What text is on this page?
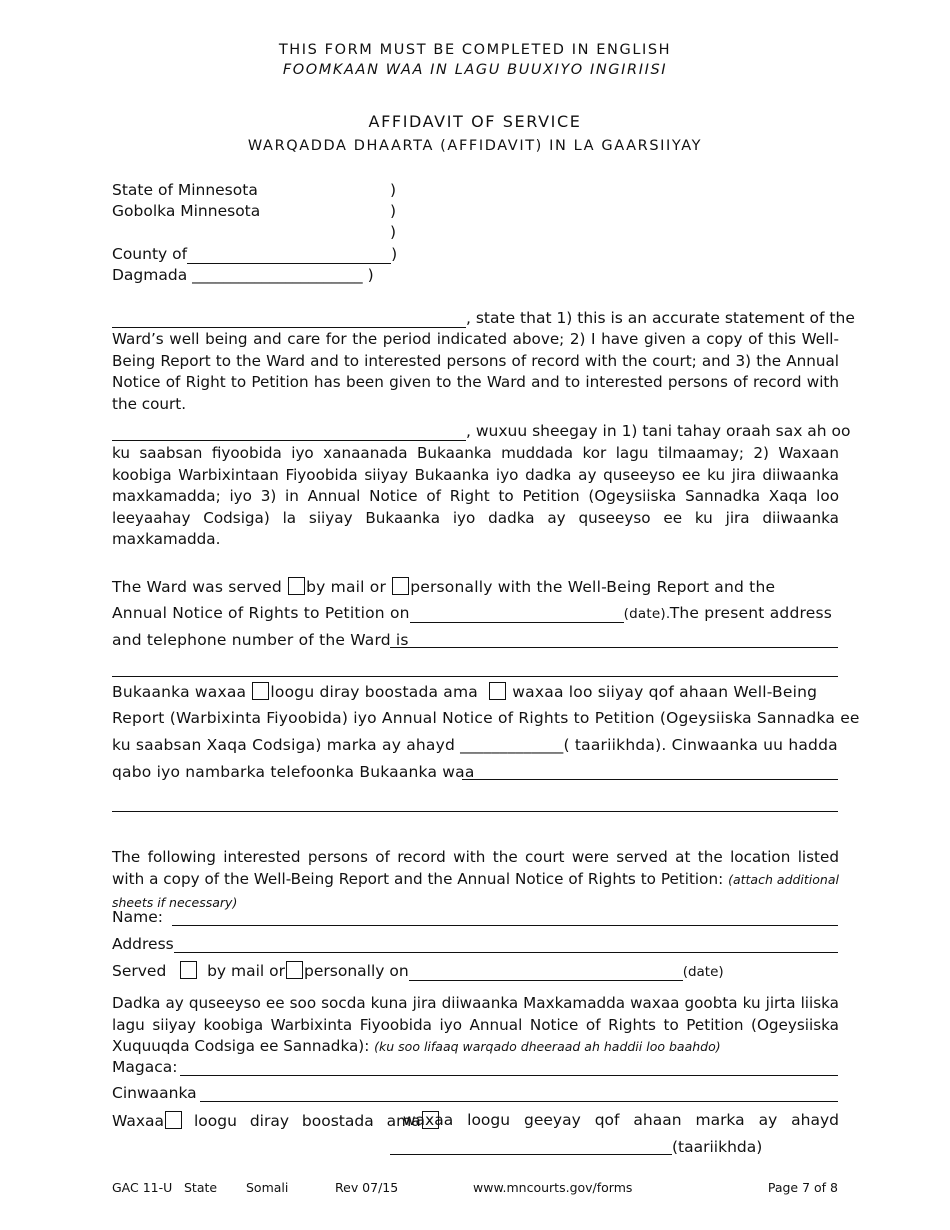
THIS FORM MUST BE COMPLETED IN ENGLISH
FOOMKAAN WAA IN LAGU BUUXIYO INGIRIISI
AFFIDAVIT OF SERVICE
WARQADDA DHAARTA (AFFIDAVIT) IN LA GAARSIIYAY
State of Minnesota	)
Gobolka Minnesota	)
)
County of	)
Dagmada ______________________ )

, state that 1) this is an accurate statement of the
Ward’s well being and care for the period indicated above; 2) I have given a copy of this Well-Being Report to the Ward and to interested persons of record with the court; and 3) the Annual Notice of Right to Petition has been given to the Ward and to interested persons of record with the court.

, wuxuu sheegay in 1) tani tahay oraah sax ah oo
ku saabsan fiyoobida iyo xanaanada Bukaanka muddada kor lagu tilmaamay; 2) Waxaan koobiga Warbixintaan Fiyoobida siiyay Bukaanka iyo dadka ay quseeyso ee ku jira diiwaanka maxkamadda; iyo 3) in Annual Notice of Right to Petition (Ogeysiiska Sannadka Xaqa loo leeyaahay Codsiga) la siiyay Bukaanka iyo dadka ay quseeyso ee ku jira diiwaanka maxkamadda.
The Ward was served by mail or personally with the Well-Being Report and the
Annual Notice of Rights to Petition on	(date). The present address
and telephone number of the Ward is
Bukaanka waxaa loogu diray boostada ama waxaa loo siiyay qof ahaan Well-Being
Report (Warbixinta Fiyoobida) iyo Annual Notice of Rights to Petition (Ogeysiiska Sannadka ee
ku saabsan Xaqa Codsiga) marka ay ahayd _____________( taariikhda). Cinwaanka uu hadda
qabo iyo nambarka telefoonka Bukaanka waa
The following interested persons of record with the court were served at the location listed with a copy of the Well-Being Report and the Annual Notice of Rights to Petition: (attach additional sheets if necessary)
Name:
Address
Served	by mail or personally on	(date)
Dadka ay quseeyso ee soo socda kuna jira diiwaanka Maxkamadda waxaa goobta ku jirta liiska lagu siiyay koobiga Warbixinta Fiyoobida iyo Annual Notice of Rights to Petition (Ogeysiiska Xuquuqda Codsiga ee Sannadka): (ku soo lifaaq warqado dheeraad ah haddii loo baahdo)
Magaca:
Cinwaanka
Waxaa loogu diray boostada ama
waxaa loogu geeyay qof ahaan marka ay ahayd
(taariikhda)
GAC 11-U State Somali	Rev 07/15	www.mncourts.gov/forms	Page 7 of 8
